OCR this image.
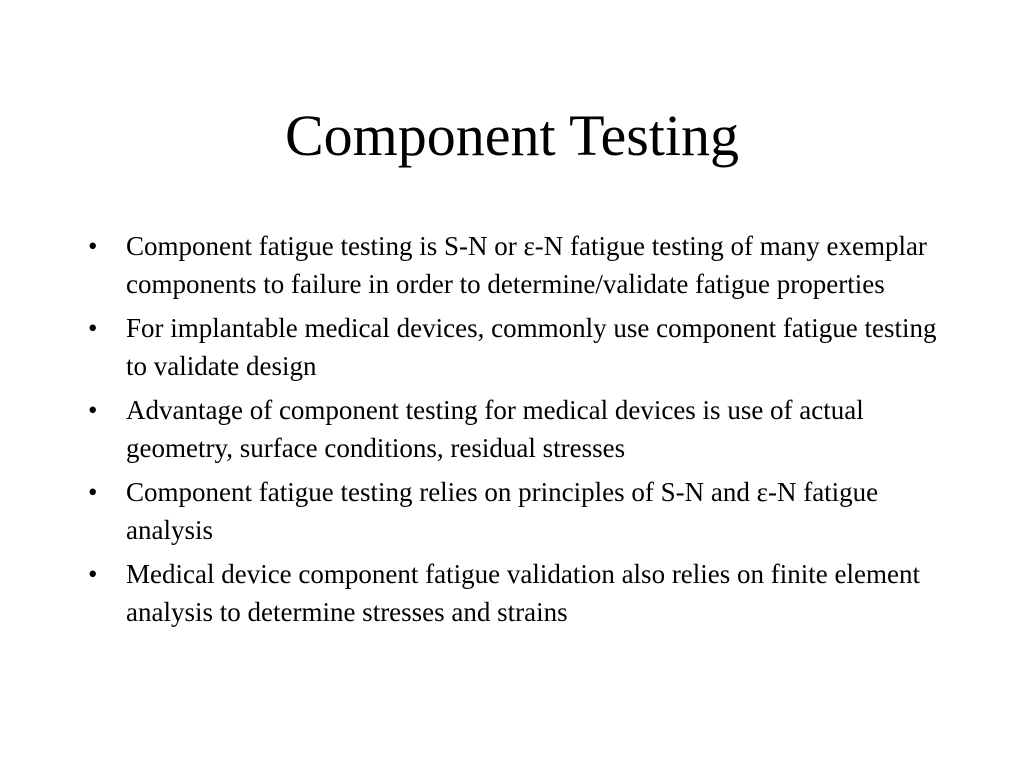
Component Testing
•	Component fatigue testing is S-N or ε-N fatigue testing of many exemplar components to failure in order to determine/validate fatigue properties
•	For implantable medical devices, commonly use component fatigue testing to validate design
•	Advantage of component testing for medical devices is use of actual geometry, surface conditions, residual stresses
•	Component fatigue testing relies on principles of S-N and ε-N fatigue analysis
•	Medical device component fatigue validation also relies on finite element analysis to determine stresses and strains
